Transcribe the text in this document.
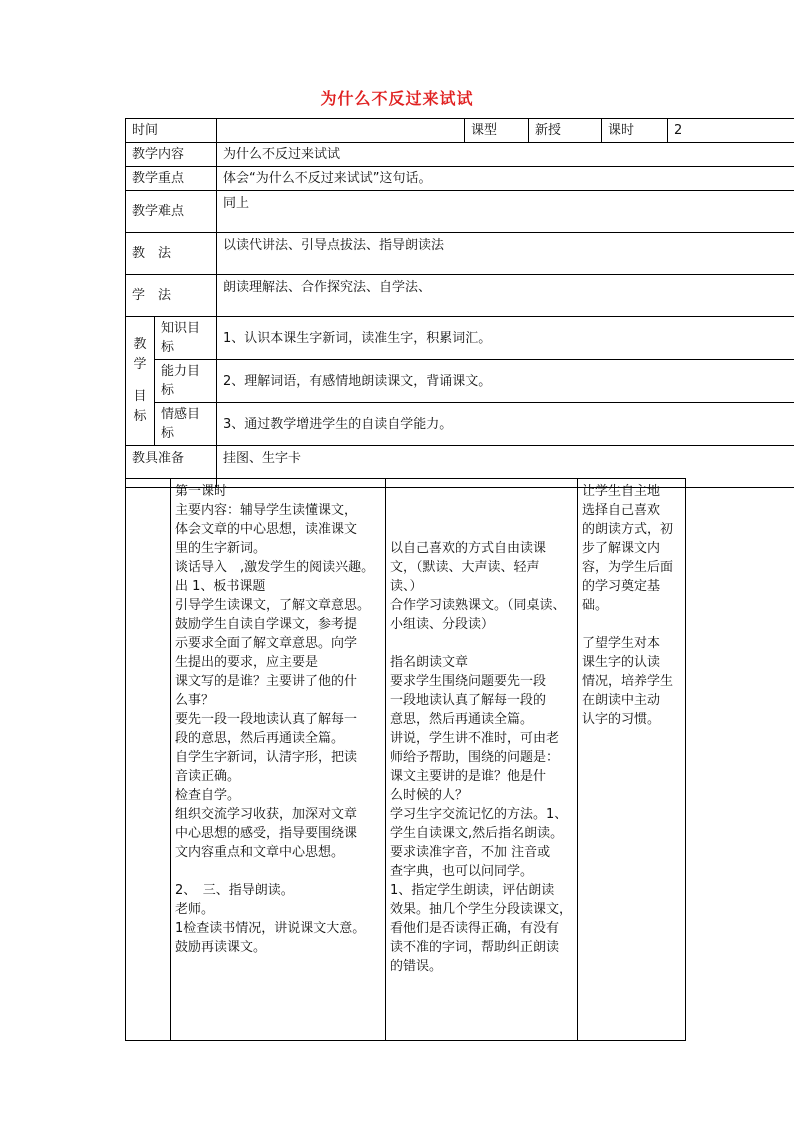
为什么不反过来试试
时间			课型	新授	课时	2
教学内容		为什么不反过来试试				
教学重点		体会“为什么不反过来试试”这句话。				
教学难点		同上				
教　法		以读代讲法、引导点拔法、指导朗读法				
学　法		朗读理解法、合作探究法、自学法、				

教
学
目
标	知识目标	1、认识本课生字新词，读准生字，积累词汇。				
	能力目标	2、理解词语，有感情地朗读课文，背诵课文。				
	情感目标	3、通过教学增进学生的自读自学能力。				
教具准备		挂图、生字卡				

第一课时
主要内容：辅导学生读懂课文，
体会文章的中心思想，读准课文
里的生字新词。
谈话导入　,激发学生的阅读兴趣。
出 1、板书课题
引导学生读课文，了解文章意思。
鼓励学生自读自学课文，参考提
示要求全面了解文章意思。向学
生提出的要求，应主要是
课文写的是谁？主要讲了他的什
么事？
要先一段一段地读认真了解每一
段的意思，然后再通读全篇。
自学生字新词，认清字形，把读
音读正确。
检查自学。
组织交流学习收获，加深对文章
中心思想的感受，指导要围绕课
文内容重点和文章中心思想。
2、　三、指导朗读。
老师。
1检查读书情况，讲说课文大意。
鼓励再读课文。

以自己喜欢的方式自由读课
文，（默读、大声读、轻声
读、）
合作学习读熟课文。（同桌读、
小组读、分段读）
指名朗读文章
要求学生围绕问题要先一段
一段地读认真了解每一段的
意思，然后再通读全篇。
讲说，学生讲不准时，可由老
师给予帮助，围绕的问题是：
课文主要讲的是谁？他是什
么时候的人？
学习生字交流记忆的方法。1、
学生自读课文,然后指名朗读。
要求读准字音，不加 注音或
查字典，也可以问同学。
1、指定学生朗读，评估朗读
效果。抽几个学生分段读课文，
看他们是否读得正确，有没有
读不准的字词，帮助纠正朗读
的错误。

让学生自主地
选择自己喜欢
的朗读方式，初
步了解课文内
容，为学生后面
的学习奠定基
础。
了望学生对本
课生字的认读
情况，培养学生
在朗读中主动
认字的习惯。
